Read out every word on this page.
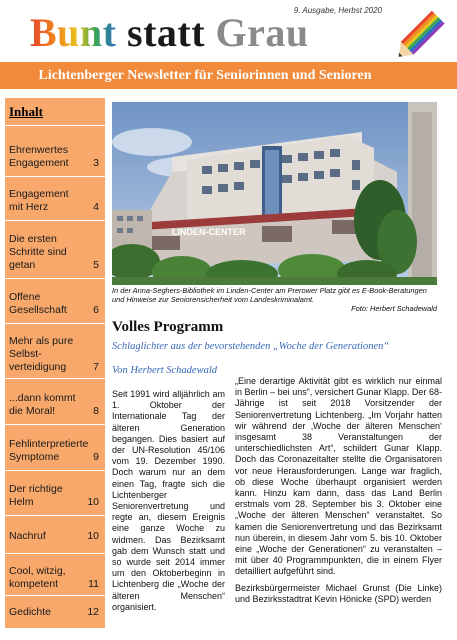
Bunt statt Grau
9. Ausgabe, Herbst 2020
Lichtenberger Newsletter für Seniorinnen und Senioren
Inhalt
Ehrenwertes Engagement	3
Engagement mit Herz	4
Die ersten Schritte sind getan	5
Offene Gesellschaft	6
Mehr als pure Selbst-verteidigung	7
...dann kommt die Moral!	8
Fehlinterpretierte Symptome	9
Der richtige Helm	10
Nachruf	10
Cool, witzig, kompetent	11
Gedichte	12
LINDEN-CENTER
In der Anna-Seghers-Bibliothek im Linden-Center am Prerower Platz gibt es E-Book-Beratungen und Hinweise zur Seniorensicherheit vom Landeskriminalamt.
Foto: Herbert Schadewald
Volles Programm
Schlaglichter aus der bevorstehenden „Woche der Generationen“
Von Herbert Schadewald

Seit 1991 wird alljährlich am 1. Oktober der Internationale Tag der älteren Generation begangen. Dies basiert auf der UN-Resolution 45/106 vom 19. Dezember 1990. Doch warum nur an dem einen Tag, fragte sich die Lichtenberger Seniorenvertretung und regte an, diesem Ereignis eine ganze Woche zu widmen. Das Bezirksamt gab dem Wunsch statt und so wurde seit 2014 immer um den Oktoberbeginn in Lichtenberg die „Woche der älteren Menschen“ organisiert.

„Eine derartige Aktivität gibt es wirklich nur einmal in Berlin – bei uns“, versichert Gunar Klapp. Der 68-Jährige ist seit 2018 Vorsitzender der Seniorenvertretung Lichtenberg. „Im Vorjahr hatten wir während der ‚Woche der älteren Menschen‘ insgesamt 38 Veranstaltungen der unterschiedlichsten Art“, schildert Gunar Klapp. Doch das Coronazeitalter stellte die Organisatoren vor neue Herausforderungen. Lange war fraglich, ob diese Woche überhaupt organisiert werden kann. Hinzu kam dann, dass das Land Berlin erstmals vom 28. September bis 3. Oktober eine „Woche der älteren Menschen“ veranstaltet. So kamen die Seniorenvertretung und das Bezirksamt nun überein, in diesem Jahr vom 5. bis 10. Oktober eine „Woche der Generationen“ zu veranstalten – mit über 40 Programmpunkten, die in einem Flyer detailliert aufgeführt sind.

Bezirksbürgermeister Michael Grunst (Die Linke) und Bezirksstadtrat Kevin Hönicke (SPD) werden
